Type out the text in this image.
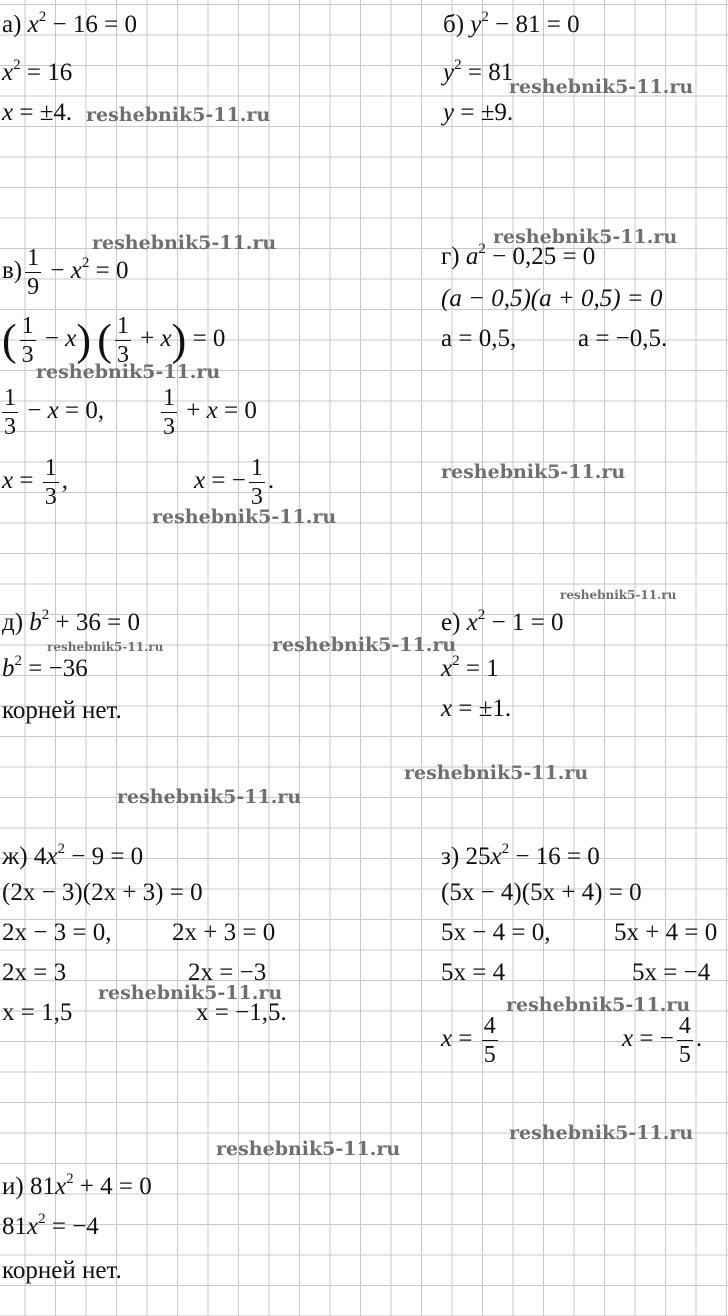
а) $x^2 - 16 = 0$
$x^2 = 16$
x = ±4.
б) $y^2 - 81 = 0$
$y^2 = 81$
y = ±9.
$в) \frac{1}{9} - x^2 = 0$
( $\frac{1}{3} - x$) ( $\frac{1}{3} + x) = 0$
$\frac{1}{3} - x = 0$, $\frac{1}{3} + x = 0$
$x = \frac{1}{3}$ ,	x = − $\frac{1}{3}$ .
г) $a^2 - 0,25 = 0$
(a − 0,5)(a + 0,5) = 0
a = 0,5, a = −0,5.
д) $b^2 + 36 = 0$
$b^2 = -36$
корней нет.
е) $x^2 - 1 = 0$
$x^2 = 1$
x = ±1.
ж) $4x^2 - 9 = 0$
(2x − 3)(2x + 3) = 0
2x − 3 = 0, 2x + 3 = 0
2x = 3	2x = −3
x = 1,5	x = −1,5.
з) $25x^2 - 16 = 0$
(5x − 4)(5x + 4) = 0
5x − 4 = 0,	5x + 4 = 0
5x = 4	5x = −4
$x = \frac{4}{5}$	x = − $\frac{4}{5}$ .
и) $81x^2 + 4 = 0$
$81x^2 = -4$
корней нет.
reshebnik5-11.ru
reshebnik5-11.ru
reshebnik5-11.ru	reshebnik5-11.ru
reshebnik5-11.ru
reshebnik5-11.ru
reshebnik5-11.ru
reshebnik5-11.ru
reshebnik5-11.ru	reshebnik5-11.ru
reshebnik5-11.ru
reshebnik5-11.ru
reshebnik5-11.ru
reshebnik5-11.ru
reshebnik5-11.ru
reshebnik5-11.ru
